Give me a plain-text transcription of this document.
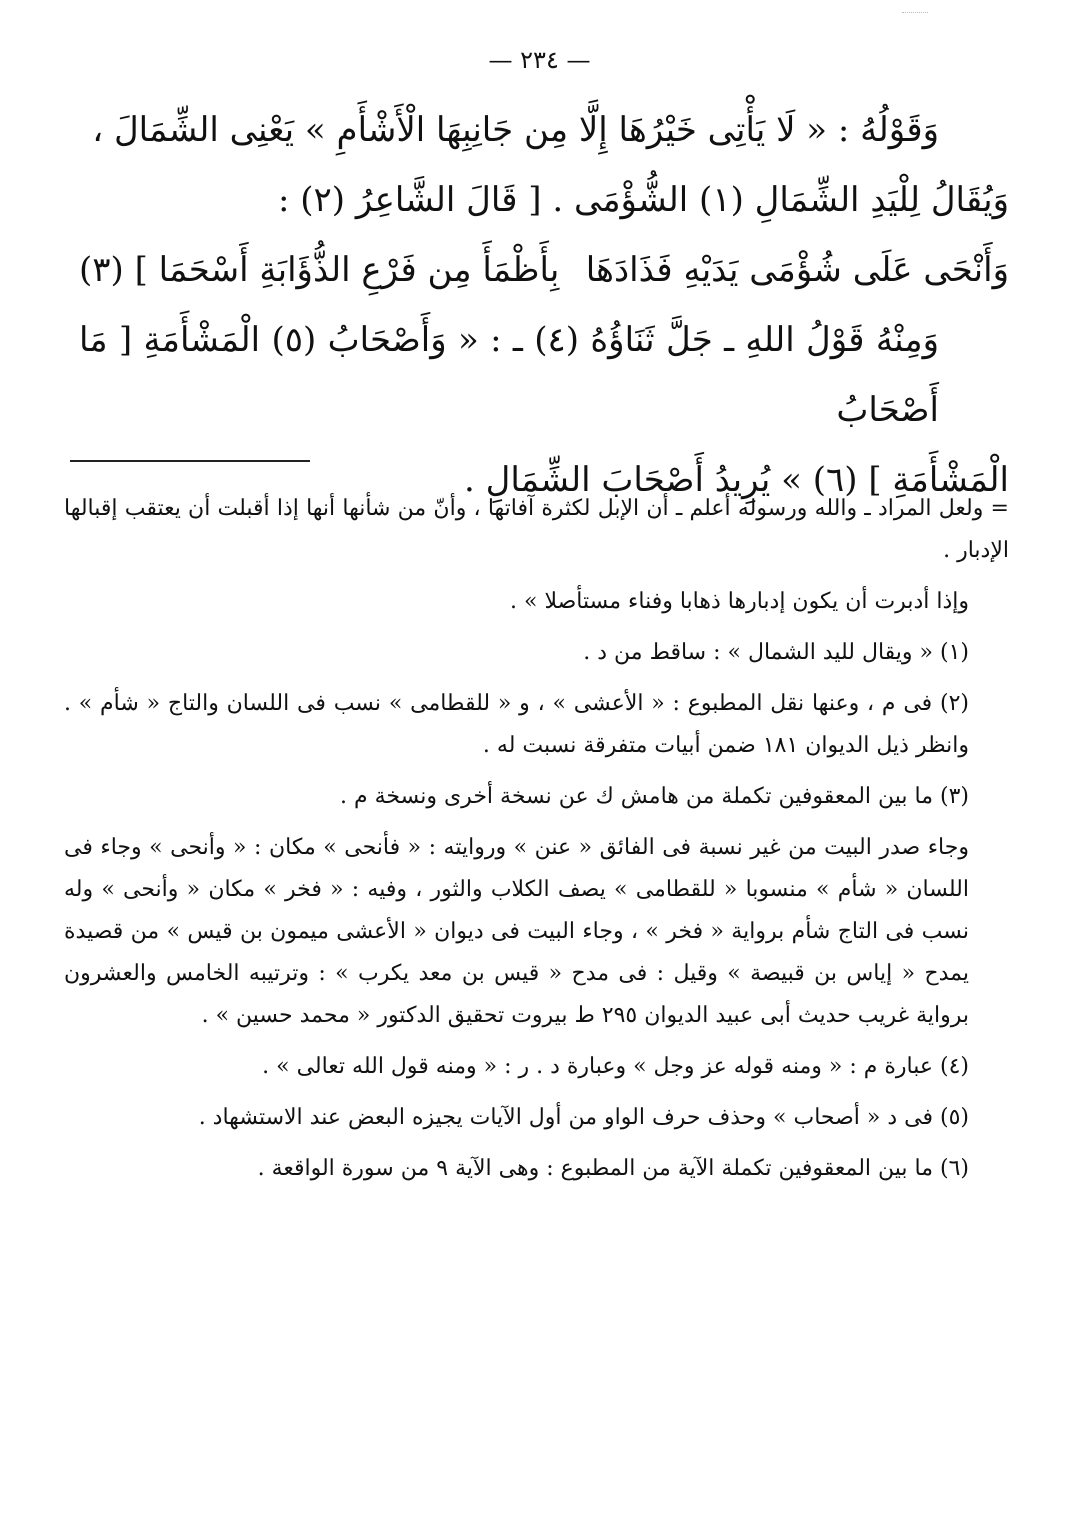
— ٢٣٤ —

وَقَوْلُهُ : « لَا يَأْتِى خَيْرُهَا إِلَّا مِن جَانِبِهَا الْأَشْأَمِ » يَعْنِى الشِّمَالَ ،

وَيُقَالُ لِلْيَدِ الشِّمَالِ (١) الشُّؤْمَى . [ قَالَ الشَّاعِرُ (٢) :

وَأَنْحَى عَلَى شُؤْمَى يَدَيْهِ فَذَادَهَا
بِأَظْمَأَ مِن فَرْعِ الذُّؤَابَةِ أَسْحَمَا ] (٣)

وَمِنْهُ قَوْلُ اللهِ ـ جَلَّ ثَنَاؤُهُ (٤) ـ : « وَأَصْحَابُ (٥) الْمَشْأَمَةِ [ مَا أَصْحَابُ

الْمَشْأَمَةِ ] (٦) » يُرِيدُ أَصْحَابَ الشِّمَالِ .

= ولعل المراد ـ والله ورسوله أعلم ـ أن الإبل لكثرة آفاتها ، وأنّ من شأنها أنها إذا أقبلت أن يعتقب إقبالها الإدبار .

وإذا أدبرت أن يكون إدبارها ذهابا وفناء مستأصلا » .

(١) « ويقال لليد الشمال » : ساقط من د .

(٢) فى م ، وعنها نقل المطبوع : « الأعشى » ، و « للقطامى » نسب فى اللسان والتاج « شأم » . وانظر ذيل الديوان ١٨١ ضمن أبيات متفرقة نسبت له .

(٣) ما بين المعقوفين تكملة من هامش ك عن نسخة أخرى ونسخة م .

وجاء صدر البيت من غير نسبة فى الفائق « عنن » وروايته : « فأنحى » مكان : « وأنحى » وجاء فى اللسان « شأم » منسوبا « للقطامى » يصف الكلاب والثور ، وفيه : « فخر » مكان « وأنحى » وله نسب فى التاج شأم برواية « فخر » ، وجاء البيت فى ديوان « الأعشى ميمون بن قيس » من قصيدة يمدح « إياس بن قبيصة » وقيل : فى مدح « قيس بن معد يكرب » : وترتيبه الخامس والعشرون برواية غريب حديث أبى عبيد الديوان ٢٩٥ ط بيروت تحقيق الدكتور « محمد حسين » .

(٤) عبارة م : « ومنه قوله عز وجل » وعبارة د . ر : « ومنه قول الله تعالى » .

(٥) فى د « أصحاب » وحذف حرف الواو من أول الآيات يجيزه البعض عند الاستشهاد .

(٦) ما بين المعقوفين تكملة الآية من المطبوع : وهى الآية ٩ من سورة الواقعة .
